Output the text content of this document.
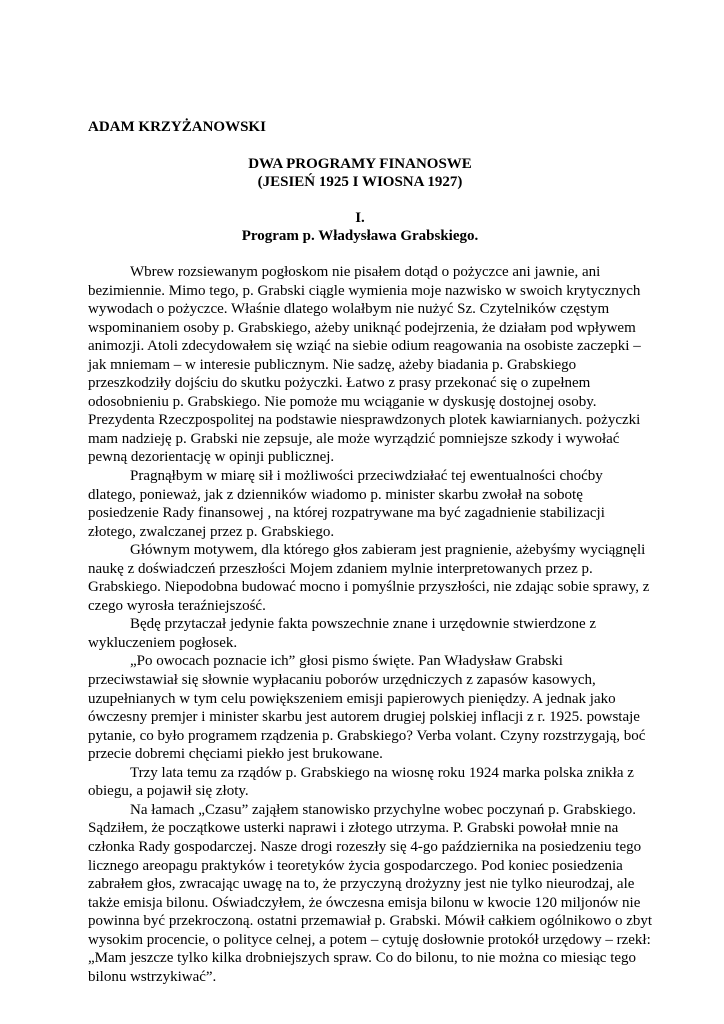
ADAM KRZYŻANOWSKI
DWA PROGRAMY FINANOSWE
(JESIEŃ 1925 I WIOSNA 1927)
I.
Program p. Władysława Grabskiego.
Wbrew rozsiewanym pogłoskom nie pisałem dotąd o pożyczce ani jawnie, ani
bezimiennie. Mimo tego, p. Grabski ciągle wymienia moje nazwisko w swoich krytycznych
wywodach o pożyczce. Właśnie dlatego wolałbym nie nużyć Sz. Czytelników częstym
wspominaniem osoby p. Grabskiego, ażeby uniknąć podejrzenia, że działam pod wpływem
animozji. Atoli zdecydowałem się wziąć na siebie odium reagowania na osobiste zaczepki –
jak mniemam – w interesie publicznym. Nie sadzę, ażeby biadania p. Grabskiego
przeszkodziły dojściu do skutku pożyczki. Łatwo z prasy przekonać się o zupełnem
odosobnieniu p. Grabskiego. Nie pomoże mu wciąganie w dyskusję dostojnej osoby.
Prezydenta Rzeczpospolitej na podstawie niesprawdzonych plotek kawiarnianych. pożyczki
mam nadzieję p. Grabski nie zepsuje, ale może wyrządzić pomniejsze szkody i wywołać
pewną dezorientację w opinji publicznej.
Pragnąłbym w miarę sił i możliwości przeciwdziałać tej ewentualności choćby
dlatego, ponieważ, jak z dzienników wiadomo p. minister skarbu zwołał na sobotę
posiedzenie Rady finansowej , na której rozpatrywane ma być zagadnienie stabilizacji
złotego, zwalczanej przez p. Grabskiego.
Głównym motywem, dla którego głos zabieram jest pragnienie, ażebyśmy wyciągnęli
naukę z doświadczeń przeszłości Mojem zdaniem mylnie interpretowanych przez p.
Grabskiego. Niepodobna budować mocno i pomyślnie przyszłości, nie zdając sobie sprawy, z
czego wyrosła teraźniejszość.
Będę przytaczał jedynie fakta powszechnie znane i urzędownie stwierdzone z
wykluczeniem pogłosek.
„Po owocach poznacie ich” głosi pismo święte. Pan Władysław Grabski
przeciwstawiał się słownie wypłacaniu poborów urzędniczych z zapasów kasowych,
uzupełnianych w tym celu powiększeniem emisji papierowych pieniędzy. A jednak jako
ówczesny premjer i minister skarbu jest autorem drugiej polskiej inflacji z r. 1925. powstaje
pytanie, co było programem rządzenia p. Grabskiego? Verba volant. Czyny rozstrzygają, boć
przecie dobremi chęciami piekło jest brukowane.
Trzy lata temu za rządów p. Grabskiego na wiosnę roku 1924 marka polska znikła z
obiegu, a pojawił się złoty.
Na łamach „Czasu” zająłem stanowisko przychylne wobec poczynań p. Grabskiego.
Sądziłem, że początkowe usterki naprawi i złotego utrzyma. P. Grabski powołał mnie na
członka Rady gospodarczej. Nasze drogi rozeszły się 4-go października na posiedzeniu tego
licznego areopagu praktyków i teoretyków życia gospodarczego. Pod koniec posiedzenia
zabrałem głos, zwracając uwagę na to, że przyczyną drożyzny jest nie tylko nieurodzaj, ale
także emisja bilonu. Oświadczyłem, że ówczesna emisja bilonu w kwocie 120 miljonów nie
powinna być przekroczoną. ostatni przemawiał p. Grabski. Mówił całkiem ogólnikowo o zbyt
wysokim procencie, o polityce celnej, a potem – cytuję dosłownie protokół urzędowy – rzekł:
„Mam jeszcze tylko kilka drobniejszych spraw. Co do bilonu, to nie można co miesiąc tego
bilonu wstrzykiwać”.
